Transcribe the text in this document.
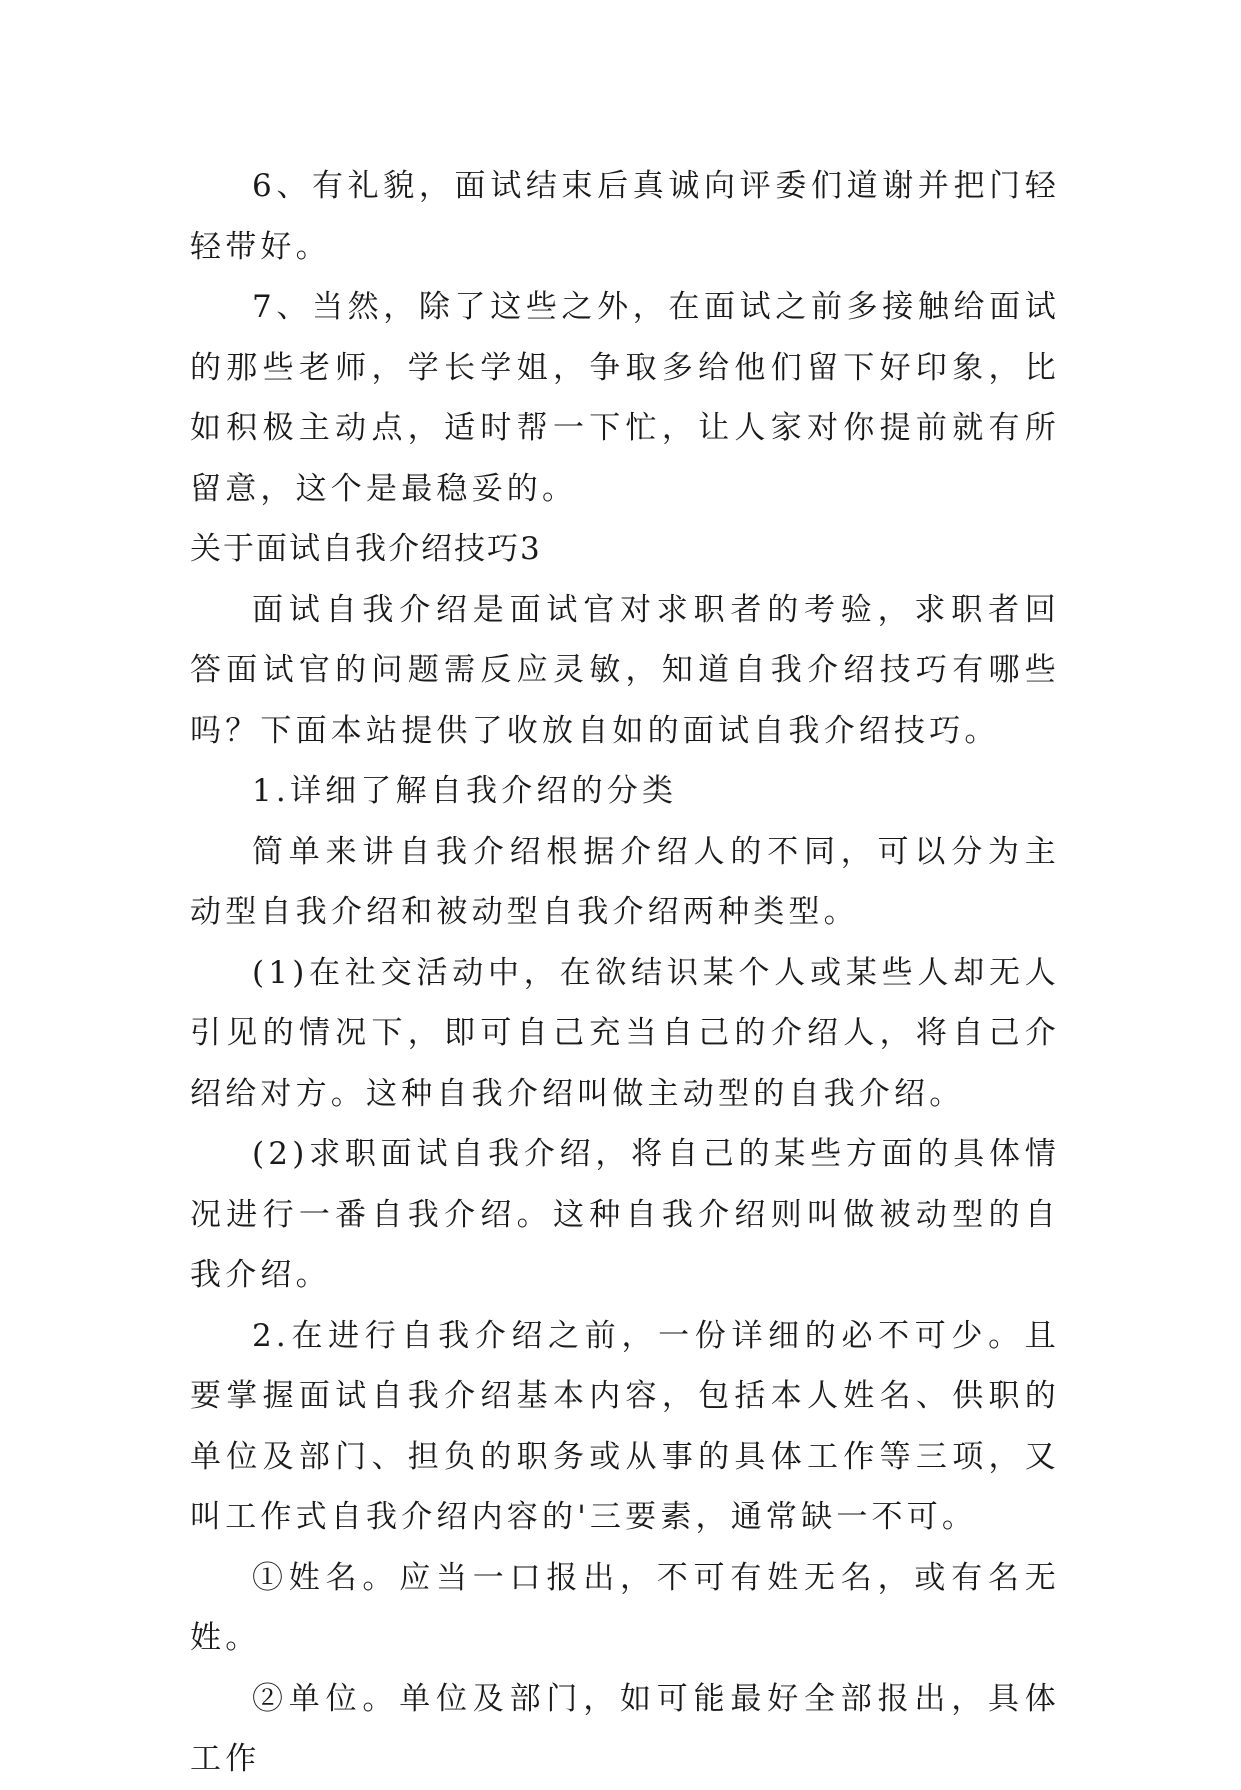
6、有礼貌，面试结束后真诚向评委们道谢并把门轻轻带好。

7、当然，除了这些之外，在面试之前多接触给面试的那些老师，学长学姐，争取多给他们留下好印象，比如积极主动点，适时帮一下忙，让人家对你提前就有所留意，这个是最稳妥的。

关于面试自我介绍技巧3

面试自我介绍是面试官对求职者的考验，求职者回答面试官的问题需反应灵敏，知道自我介绍技巧有哪些吗？下面本站提供了收放自如的面试自我介绍技巧。

1.详细了解自我介绍的分类

简单来讲自我介绍根据介绍人的不同，可以分为主动型自我介绍和被动型自我介绍两种类型。

(1)在社交活动中，在欲结识某个人或某些人却无人引见的情况下，即可自己充当自己的介绍人，将自己介绍给对方。这种自我介绍叫做主动型的自我介绍。

(2)求职面试自我介绍，将自己的某些方面的具体情况进行一番自我介绍。这种自我介绍则叫做被动型的自我介绍。

2.在进行自我介绍之前，一份详细的必不可少。且要掌握面试自我介绍基本内容，包括本人姓名、供职的单位及部门、担负的职务或从事的具体工作等三项，又叫工作式自我介绍内容的'三要素，通常缺一不可。

①姓名。应当一口报出，不可有姓无名，或有名无姓。

②单位。单位及部门，如可能最好全部报出，具体工作
